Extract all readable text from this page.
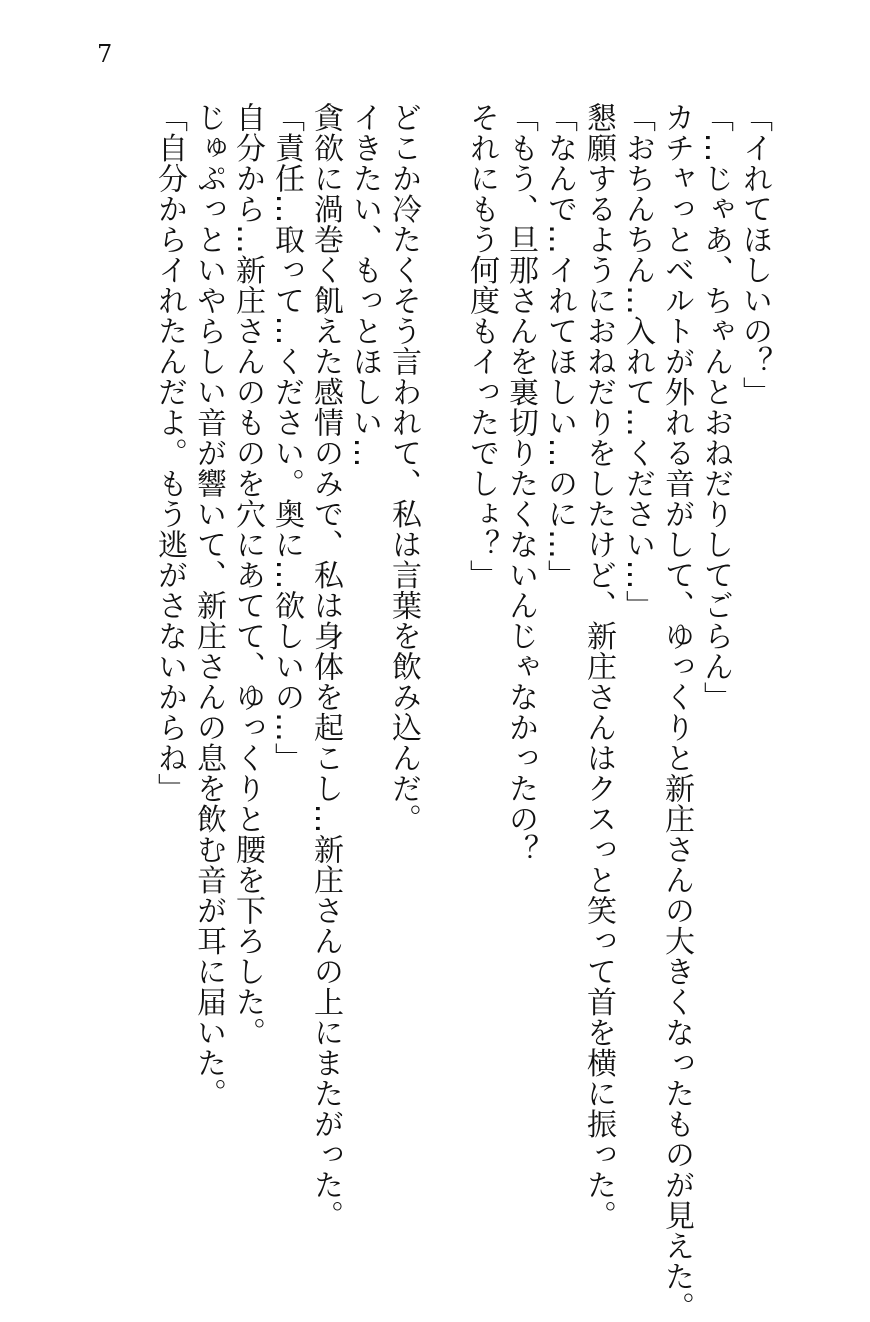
7
「イれてほしいの？」
「…じゃあ、ちゃんとおねだりしてごらん」
カチャっとベルトが外れる音がして、ゆっくりと新庄さんの大きくなったものが見えた。
「おちんちん…入れて…ください…」
懇願するようにおねだりをしたけど、新庄さんはクスっと笑って首を横に振った。
「なんで…イれてほしい…のに…」
「もう、旦那さんを裏切りたくないんじゃなかったの？
それにもう何度もイったでしょ？」
どこか冷たくそう言われて、私は言葉を飲み込んだ。
イきたい、もっとほしい…
貪欲に渦巻く飢えた感情のみで、私は身体を起こし…新庄さんの上にまたがった。
「責任…取って…ください。奥に…欲しいの…」
自分から…新庄さんのものを穴にあてて、ゆっくりと腰を下ろした。
じゅぷっといやらしい音が響いて、新庄さんの息を飲む音が耳に届いた。
「自分からイれたんだよ。もう逃がさないからね」
